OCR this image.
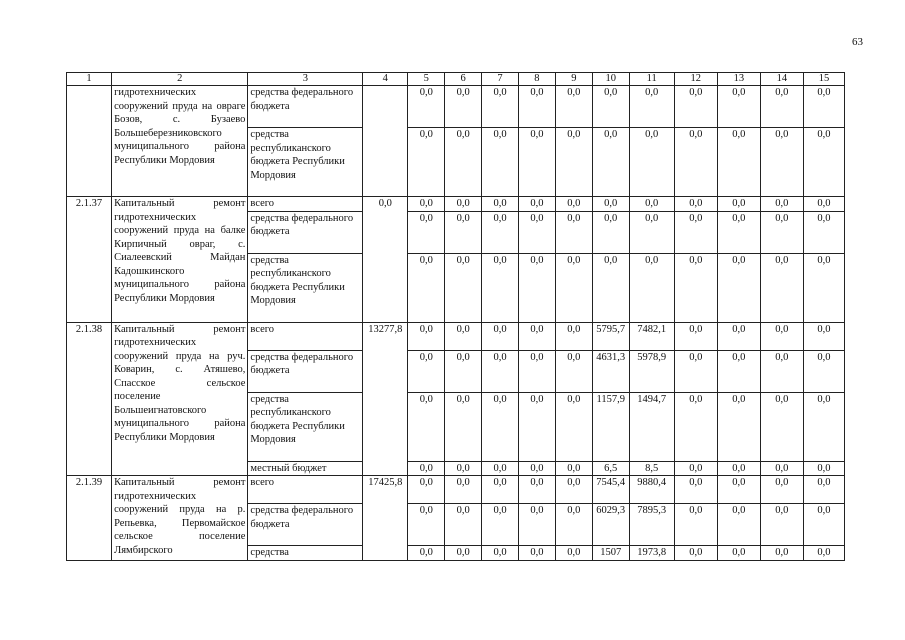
63
1	2	3	4	5	6	7	8	9	10	11	12	13	14	15
	гидротехнических сооружений пруда на овраге Бозов, с. Бузаево Большеберезниковского муниципального района Республики Мордовия	средства федерального бюджета		0,0	0,0	0,0	0,0	0,0	0,0	0,0	0,0	0,0	0,0	0,0
		средства республиканского бюджета Республики Мордовия		0,0	0,0	0,0	0,0	0,0	0,0	0,0	0,0	0,0	0,0	0,0
2.1.37	Капитальный ремонт гидротехнических сооружений пруда на балке Кирпичный овраг, с. Сиалеевский Майдан Кадошкинского муниципального района Республики Мордовия	всего	0,0	0,0	0,0	0,0	0,0	0,0	0,0	0,0	0,0	0,0	0,0	0,0
		средства федерального бюджета		0,0	0,0	0,0	0,0	0,0	0,0	0,0	0,0	0,0	0,0	0,0
		средства республиканского бюджета Республики Мордовия		0,0	0,0	0,0	0,0	0,0	0,0	0,0	0,0	0,0	0,0	0,0
2.1.38	Капитальный ремонт гидротехнических сооружений пруда на руч. Коварин, с. Атяшево, Спасское сельское поселение Большеигнатовского муниципального района Республики Мордовия	всего	13277,8	0,0	0,0	0,0	0,0	0,0	5795,7	7482,1	0,0	0,0	0,0	0,0
		средства федерального бюджета		0,0	0,0	0,0	0,0	0,0	4631,3	5978,9	0,0	0,0	0,0	0,0
		средства республиканского бюджета Республики Мордовия		0,0	0,0	0,0	0,0	0,0	1157,9	1494,7	0,0	0,0	0,0	0,0
		местный бюджет		0,0	0,0	0,0	0,0	0,0	6,5	8,5	0,0	0,0	0,0	0,0
2.1.39	Капитальный ремонт гидротехнических сооружений пруда на р. Репьевка, Первомайское сельское поселение Лямбирского	всего	17425,8	0,0	0,0	0,0	0,0	0,0	7545,4	9880,4	0,0	0,0	0,0	0,0
		средства федерального бюджета		0,0	0,0	0,0	0,0	0,0	6029,3	7895,3	0,0	0,0	0,0	0,0
		средства		0,0	0,0	0,0	0,0	0,0	1507	1973,8	0,0	0,0	0,0	0,0
